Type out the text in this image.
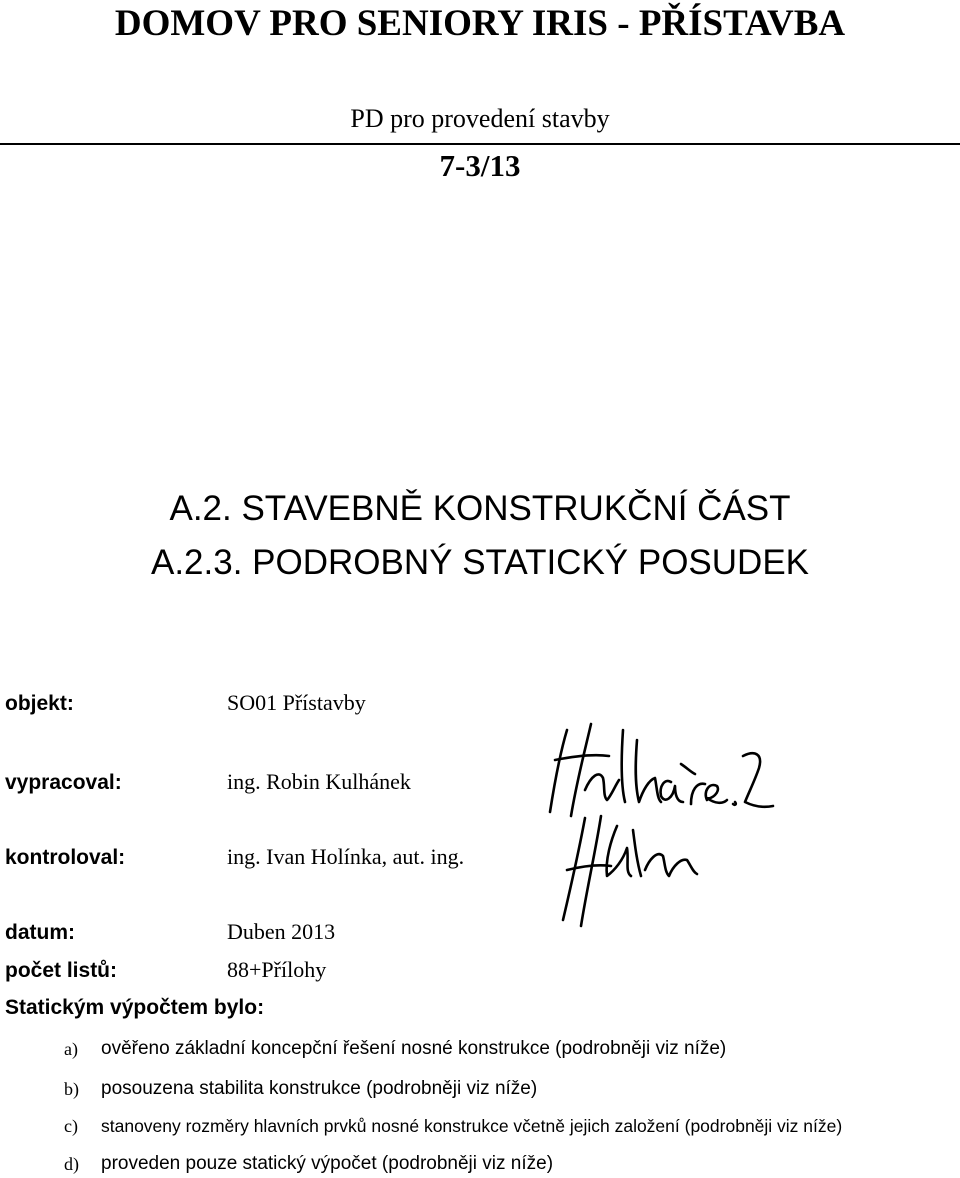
DOMOV PRO SENIORY IRIS - PŘÍSTAVBA
PD pro provedení stavby
7-3/13
A.2. STAVEBNĚ KONSTRUKČNÍ ČÁST
A.2.3. PODROBNÝ STATICKÝ POSUDEK
objekt:	SO01 Přístavby
vypracoval:	ing. Robin Kulhánek
kontroloval:	ing. Ivan Holínka, aut. ing.
datum:	Duben 2013
počet listů:	88+Přílohy
Statickým výpočtem bylo:
a) ověřeno základní koncepční řešení nosné konstrukce (podrobněji viz níže)
b) posouzena stabilita konstrukce (podrobněji viz níže)
c) stanoveny rozměry hlavních prvků nosné konstrukce včetně jejich založení (podrobněji viz níže)
d) proveden pouze statický výpočet (podrobněji viz níže)
